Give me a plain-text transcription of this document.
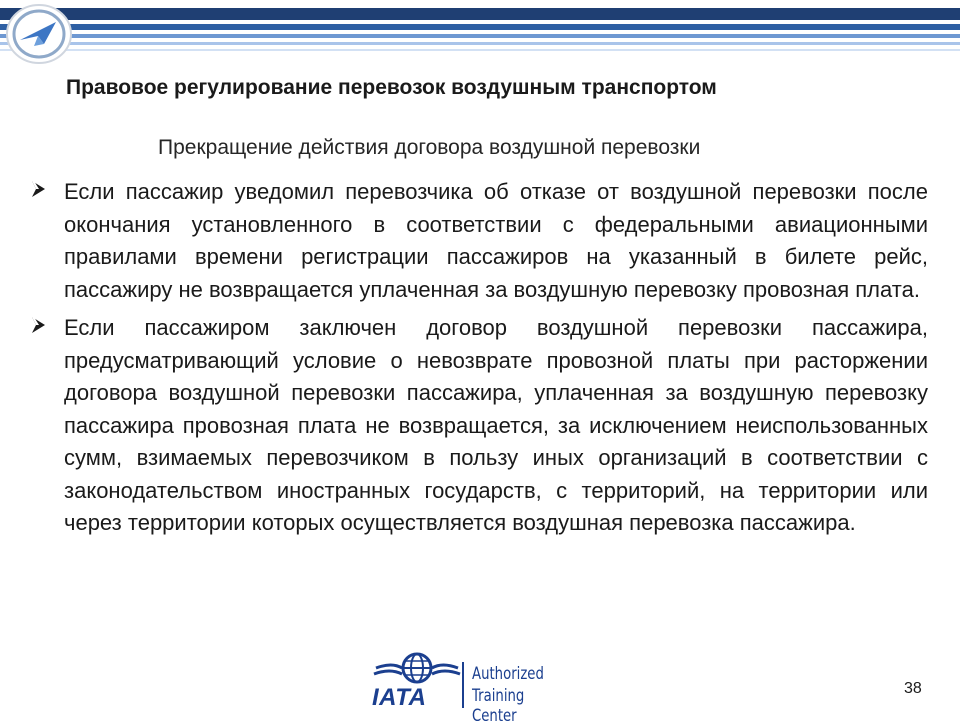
Правовое регулирование перевозок воздушным транспортом
Прекращение действия договора воздушной перевозки
Если пассажир уведомил перевозчика об отказе от воздушной перевозки после окончания установленного в соответствии с федеральными авиационными правилами времени регистрации пассажиров на указанный в билете рейс, пассажиру не возвращается уплаченная за воздушную перевозку провозная плата.
Если пассажиром заключен договор воздушной перевозки пассажира, предусматривающий условие о невозврате провозной платы при расторжении договора воздушной перевозки пассажира, уплаченная за воздушную перевозку пассажира провозная плата не возвращается, за исключением неиспользованных сумм, взимаемых перевозчиком в пользу иных организаций в соответствии с законодательством иностранных государств, с территорий, на территории или через территории которых осуществляется воздушная перевозка пассажира.
IATA
Authorized
Training Center
38
